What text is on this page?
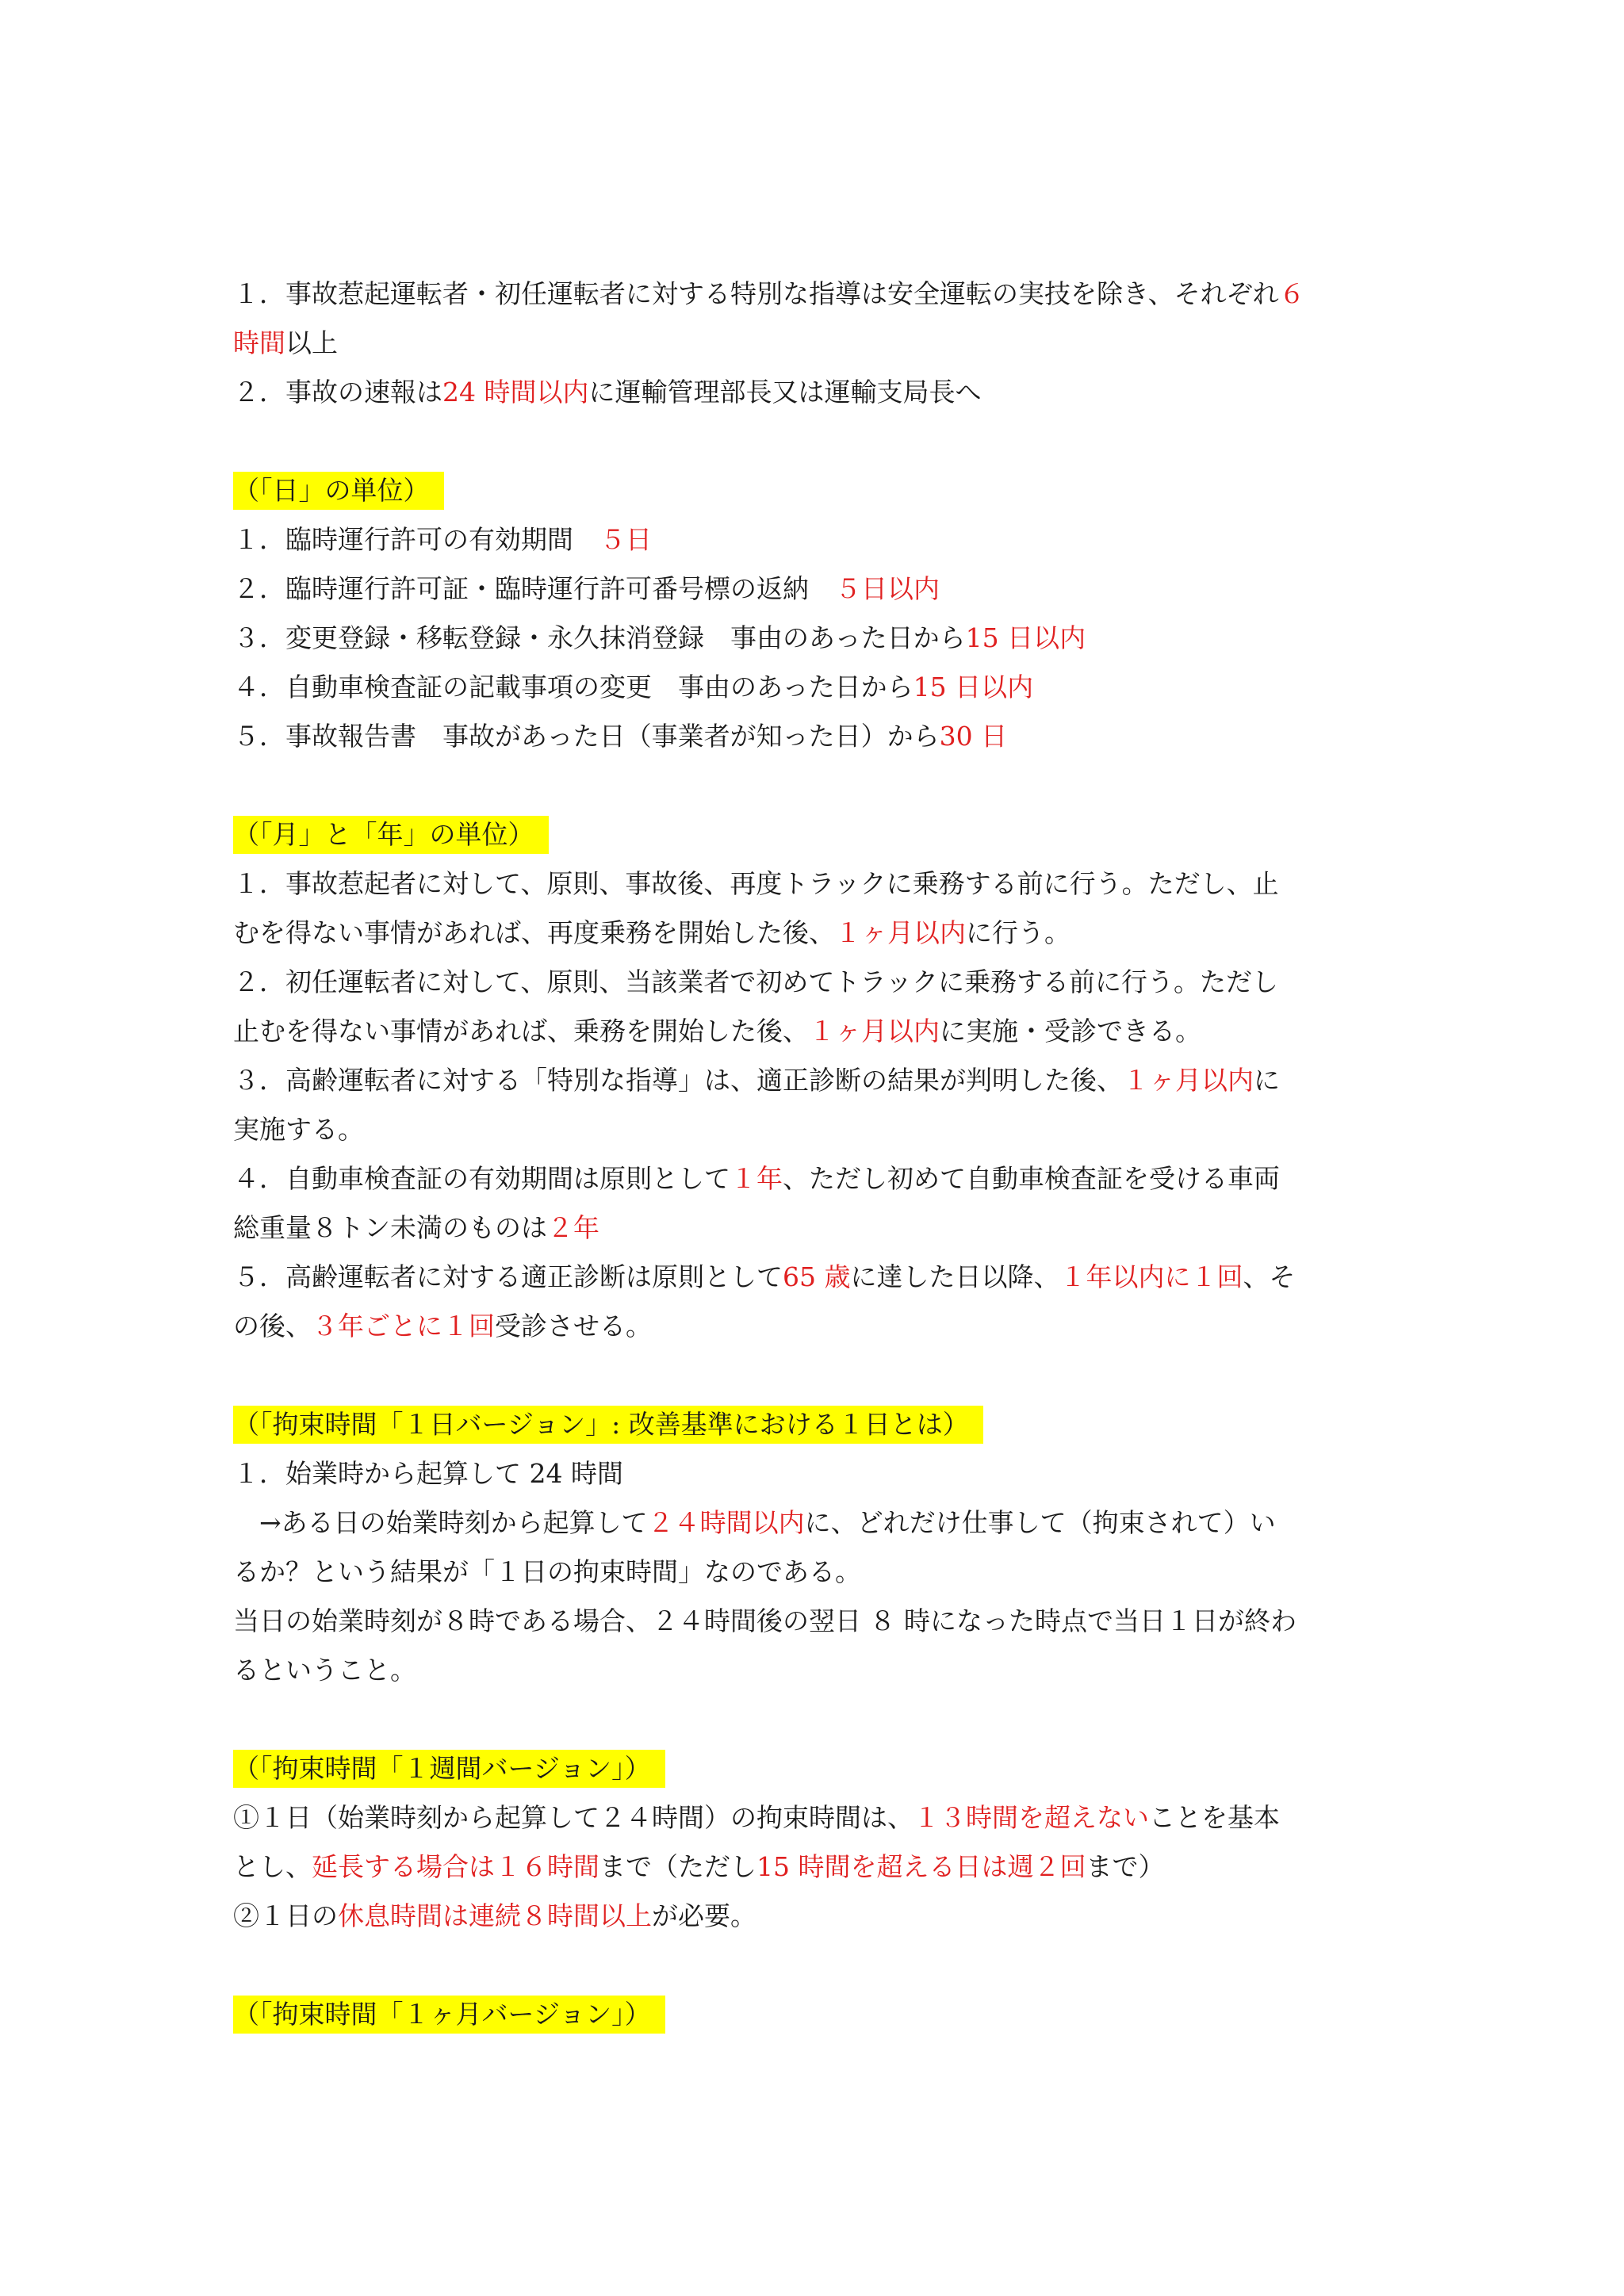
１．事故惹起運転者・初任運転者に対する特別な指導は安全運転の実技を除き、それぞれ６

時間以上

２．事故の速報は24 時間以内に運輸管理部長又は運輸支局長へ

（「日」の単位）

１．臨時運行許可の有効期間　５日

２．臨時運行許可証・臨時運行許可番号標の返納　５日以内

３．変更登録・移転登録・永久抹消登録　事由のあった日から15 日以内

４．自動車検査証の記載事項の変更　事由のあった日から15 日以内

５．事故報告書　事故があった日（事業者が知った日）から30 日

（「月」と「年」の単位）

１．事故惹起者に対して、原則、事故後、再度トラックに乗務する前に行う。ただし、止

むを得ない事情があれば、再度乗務を開始した後、１ヶ月以内に行う。

２．初任運転者に対して、原則、当該業者で初めてトラックに乗務する前に行う。ただし

止むを得ない事情があれば、乗務を開始した後、１ヶ月以内に実施・受診できる。

３．高齢運転者に対する「特別な指導」は、適正診断の結果が判明した後、１ヶ月以内に

実施する。

４．自動車検査証の有効期間は原則として１年、ただし初めて自動車検査証を受ける車両

総重量８トン未満のものは２年

５．高齢運転者に対する適正診断は原則として65 歳に達した日以降、１年以内に１回、そ

の後、３年ごとに１回受診させる。

（「拘束時間「１日バージョン」: 改善基準における１日とは）

１．始業時から起算して 24 時間

　→ある日の始業時刻から起算して２４時間以内に、どれだけ仕事して（拘束されて）い

るか？という結果が「１日の拘束時間」なのである。

当日の始業時刻が８時である場合、２４時間後の翌日 ８ 時になった時点で当日１日が終わ

るということ。

（「拘束時間「１週間バージョン」）

①１日（始業時刻から起算して２４時間）の拘束時間は、１３時間を超えないことを基本

とし、延長する場合は１６時間まで（ただし15 時間を超える日は週２回まで）

②１日の休息時間は連続８時間以上が必要。

（「拘束時間「１ヶ月バージョン」）
